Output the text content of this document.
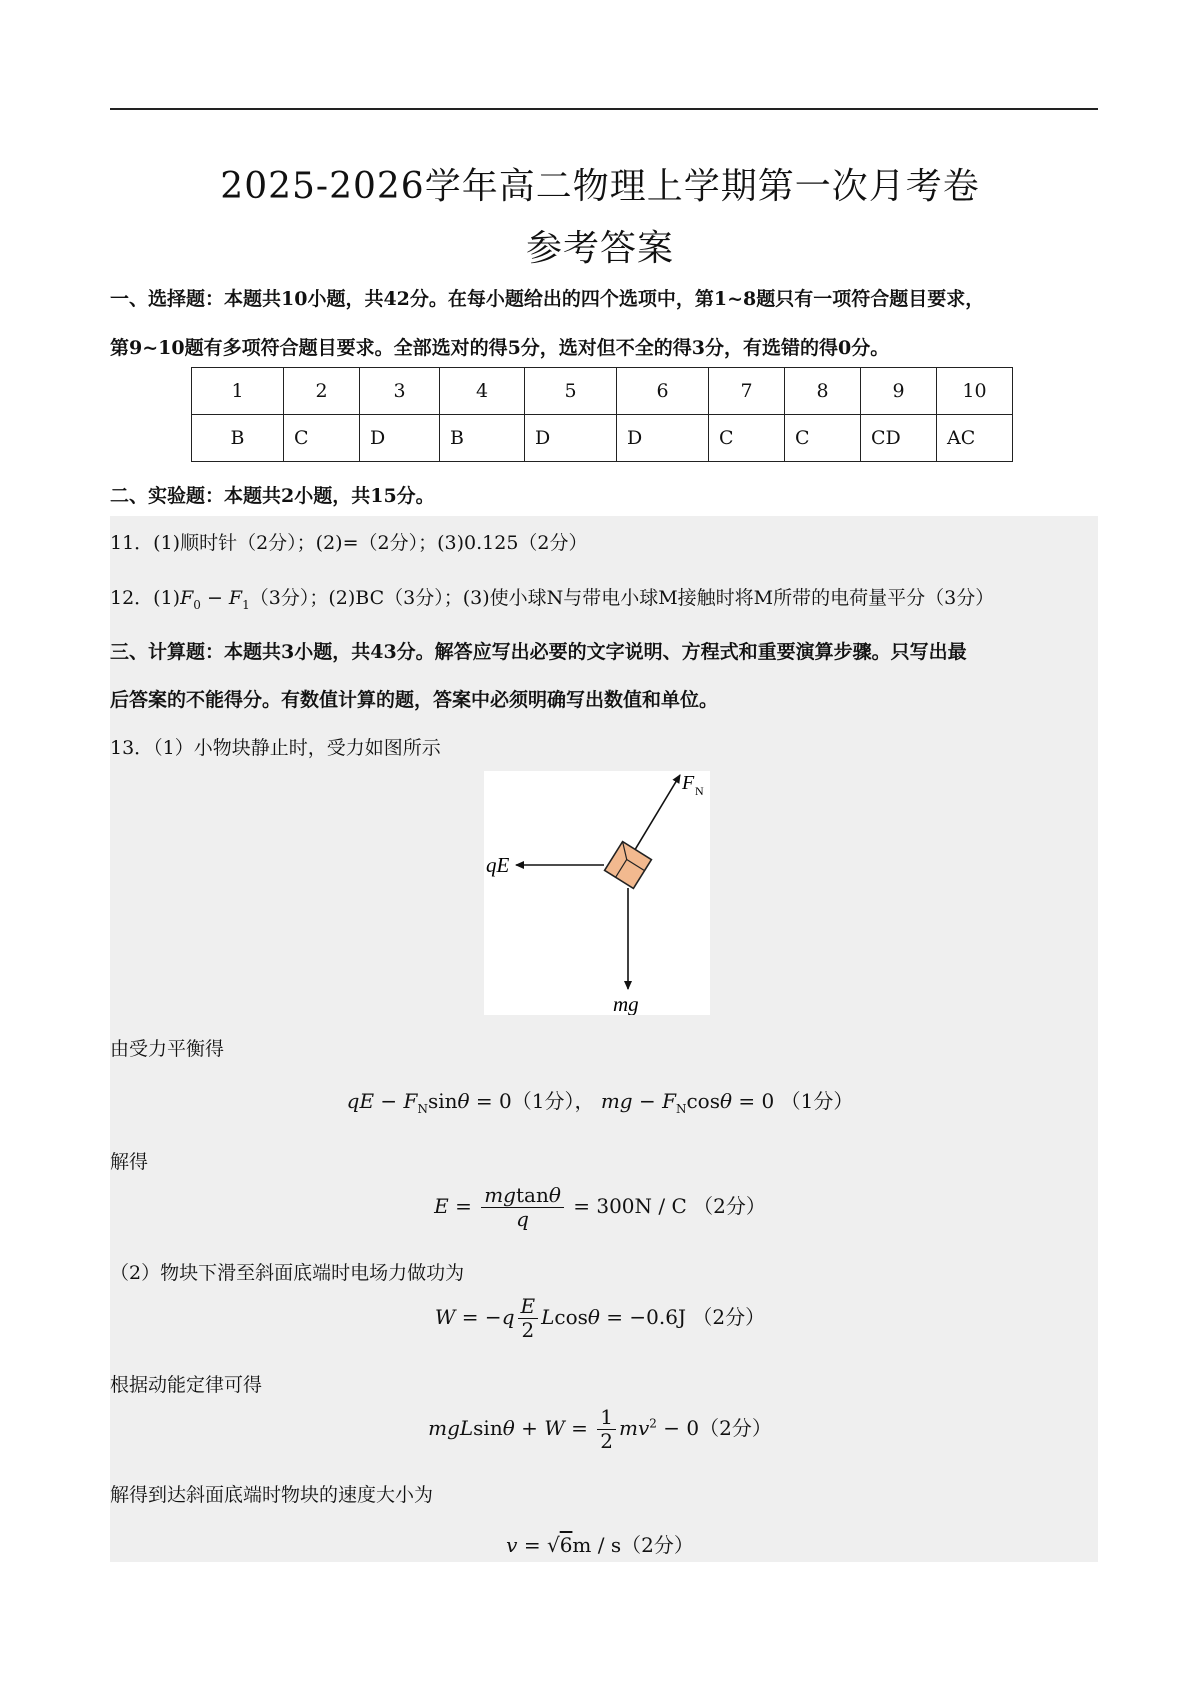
2025-2026学年高二物理上学期第一次月考卷
参考答案
一、选择题：本题共10小题，共42分。在每小题给出的四个选项中，第1~8题只有一项符合题目要求，
第9~10题有多项符合题目要求。全部选对的得5分，选对但不全的得3分，有选错的得0分。
1	2	3	4	5	6	7	8	9	10
B	C	D	B	D	D	C	C	CD	AC
二、实验题：本题共2小题，共15分。
11．(1)顺时针（2分）；(2)=（2分）；(3)0.125（2分）
12．$(1)F_0 - F_1(3$分）；(2)BC（3分）；(3)使小球N与带电小球M接触时将M所带的电荷量平分（3分）
三、计算题：本题共3小题，共43分。解答应写出必要的文字说明、方程式和重要演算步骤。只写出最
后答案的不能得分。有数值计算的题，答案中必须明确写出数值和单位。
13．（1）小物块静止时，受力如图所示
F N
qE
mg
由受力平衡得
qE − $F_N\sin\theta = 0(1$分）， mg − $F_N\cos\theta = 0$ （1分）
解得
$E = \frac{mgtan\theta}{q} = 300N / C$ （2分）
（2）物块下滑至斜面底端时电场力做功为
$W = -q \frac{E}{2}$ Lcosθ = −0.6J （2分）
根据动能定律可得
$mgLsin\theta + W = \frac{1}{2} mv^2 - 0(2$分）
解得到达斜面底端时物块的速度大小为
v = √6m / s（2分）
